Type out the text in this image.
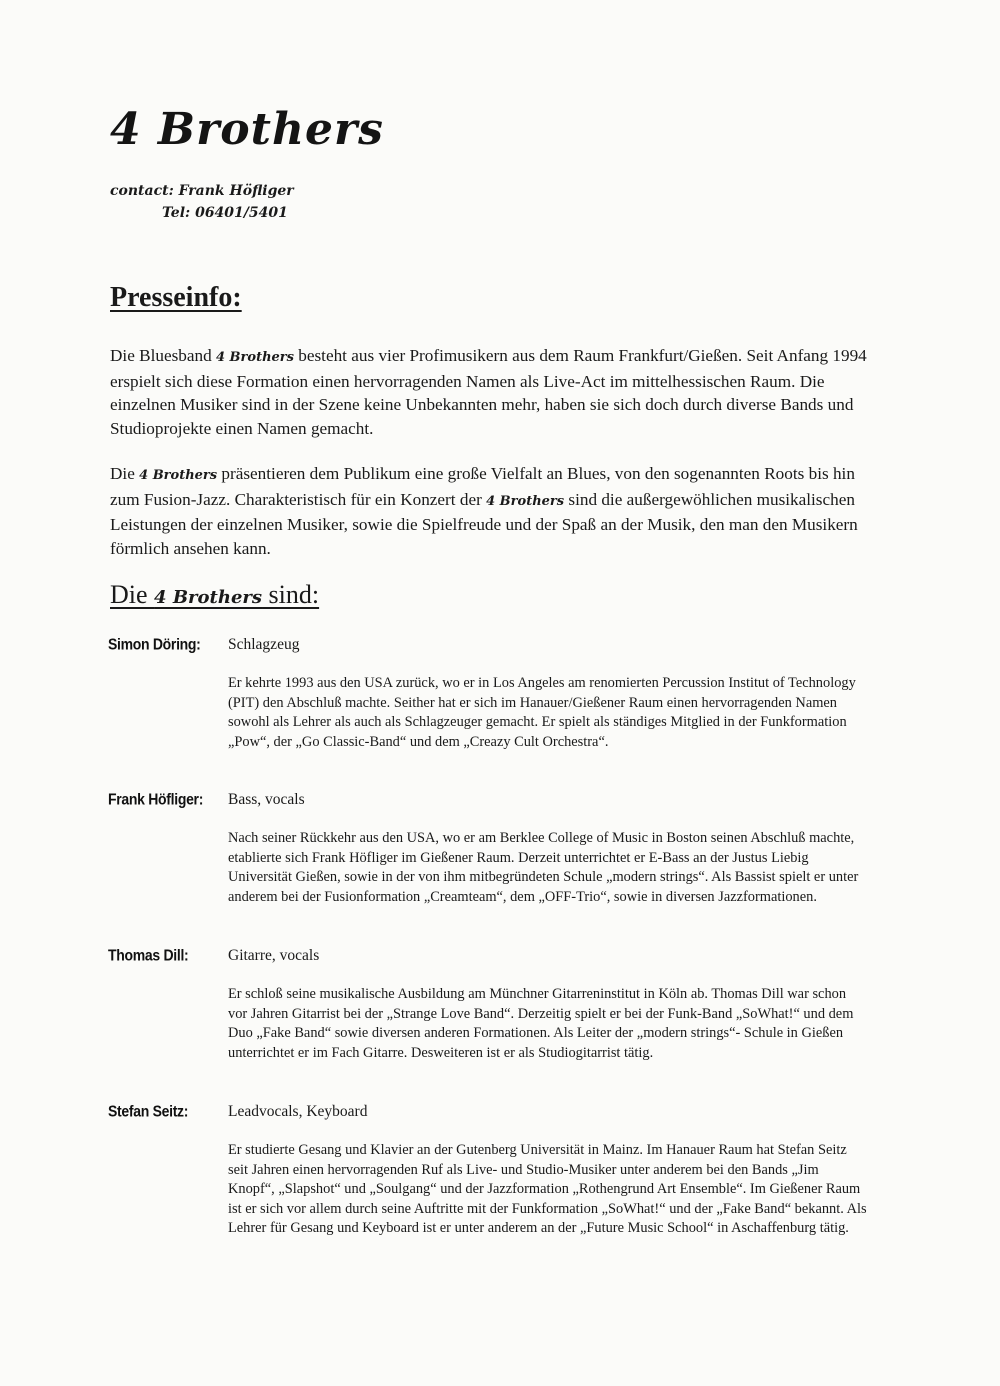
4 Brothers
contact: Frank Höfliger
Tel: 06401/5401
Presseinfo:

Die Bluesband 4 Brothers besteht aus vier Profimusikern aus dem Raum Frankfurt/Gießen. Seit Anfang 1994 erspielt sich diese Formation einen hervorragenden Namen als Live-Act im mittelhessischen Raum. Die einzelnen Musiker sind in der Szene keine Unbekannten mehr, haben sie sich doch durch diverse Bands und Studioprojekte einen Namen gemacht.

Die 4 Brothers präsentieren dem Publikum eine große Vielfalt an Blues, von den sogenannten Roots bis hin zum Fusion-Jazz. Charakteristisch für ein Konzert der 4 Brothers sind die außergewöhlichen musikalischen Leistungen der einzelnen Musiker, sowie die Spielfreude und der Spaß an der Musik, den man den Musikern förmlich ansehen kann.

Die 4 Brothers sind:
Simon Döring: Schlagzeug

Er kehrte 1993 aus den USA zurück, wo er in Los Angeles am renomierten Percussion Institut of Technology (PIT) den Abschluß machte. Seither hat er sich im Hanauer/Gießener Raum einen hervorragenden Namen sowohl als Lehrer als auch als Schlagzeuger gemacht. Er spielt als ständiges Mitglied in der Funkformation „Pow“, der „Go Classic-Band“ und dem „Creazy Cult Orchestra“.

Frank Höfliger: Bass, vocals

Nach seiner Rückkehr aus den USA, wo er am Berklee College of Music in Boston seinen Abschluß machte, etablierte sich Frank Höfliger im Gießener Raum. Derzeit unterrichtet er E-Bass an der Justus Liebig Universität Gießen, sowie in der von ihm mitbegründeten Schule „modern strings“. Als Bassist spielt er unter anderem bei der Fusionformation „Creamteam“, dem „OFF-Trio“, sowie in diversen Jazzformationen.

Thomas Dill:	Gitarre, vocals

Er schloß seine musikalische Ausbildung am Münchner Gitarreninstitut in Köln ab. Thomas Dill war schon vor Jahren Gitarrist bei der „Strange Love Band“. Derzeitig spielt er bei der Funk-Band „SoWhat!“ und dem Duo „Fake Band“ sowie diversen anderen Formationen. Als Leiter der „modern strings“- Schule in Gießen unterrichtet er im Fach Gitarre. Desweiteren ist er als Studiogitarrist tätig.

Stefan Seitz:	Leadvocals, Keyboard

Er studierte Gesang und Klavier an der Gutenberg Universität in Mainz. Im Hanauer Raum hat Stefan Seitz seit Jahren einen hervorragenden Ruf als Live- und Studio-Musiker unter anderem bei den Bands „Jim Knopf“, „Slapshot“ und „Soulgang“ und der Jazzformation „Rothengrund Art Ensemble“. Im Gießener Raum ist er sich vor allem durch seine Auftritte mit der Funkformation „SoWhat!“ und der „Fake Band“ bekannt. Als Lehrer für Gesang und Keyboard ist er unter anderem an der „Future Music School“ in Aschaffenburg tätig.
